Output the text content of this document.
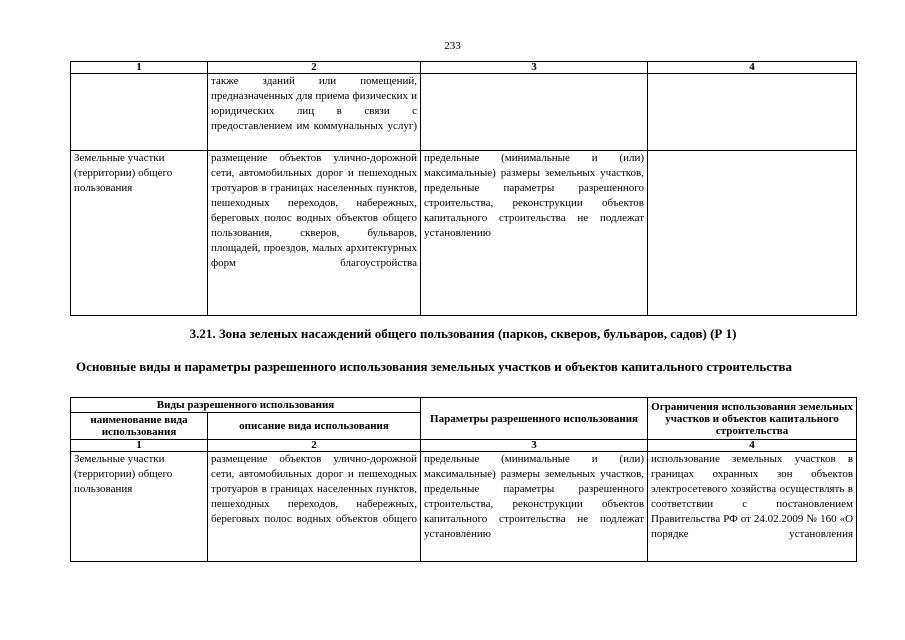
233
1	2	3	4
	также зданий или помещений, предназначенных для приема физических и юридических лиц в связи с предоставлением им коммунальных услуг)		
Земельные участки (территории) общего пользования	размещение объектов улично-дорожной сети, автомобильных дорог и пешеходных тротуаров в границах населенных пунктов, пешеходных переходов, набережных, береговых полос водных объектов общего пользования, скверов, бульваров, площадей, проездов, малых архитектурных форм благоустройства	предельные (минимальные и (или) максимальные) размеры земельных участков, предельные параметры разрешенного строительства, реконструкции объектов капитального строительства не подлежат установлению	
3.21. Зона зеленых насаждений общего пользования (парков, скверов, бульваров, садов) (Р 1)
Основные виды и параметры разрешенного использования земельных участков и объектов капитального строительства
Виды разрешенного использования		Параметры разрешенного использования	Ограничения использования земельных участков и объектов капитального строительства
наименование вида использования	описание вида использования		
1	2	3	4
Земельные участки (территории) общего пользования	размещение объектов улично-дорожной сети, автомобильных дорог и пешеходных тротуаров в границах населенных пунктов, пешеходных переходов, набережных, береговых полос водных объектов общего	предельные (минимальные и (или) максимальные) размеры земельных участков, предельные параметры разрешенного строительства, реконструкции объектов капитального строительства не подлежат установлению	использование земельных участков в границах охранных зон объектов электросетевого хозяйства осуществлять в соответствии с постановлением Правительства РФ от 24.02.2009 № 160 «О порядке установления
